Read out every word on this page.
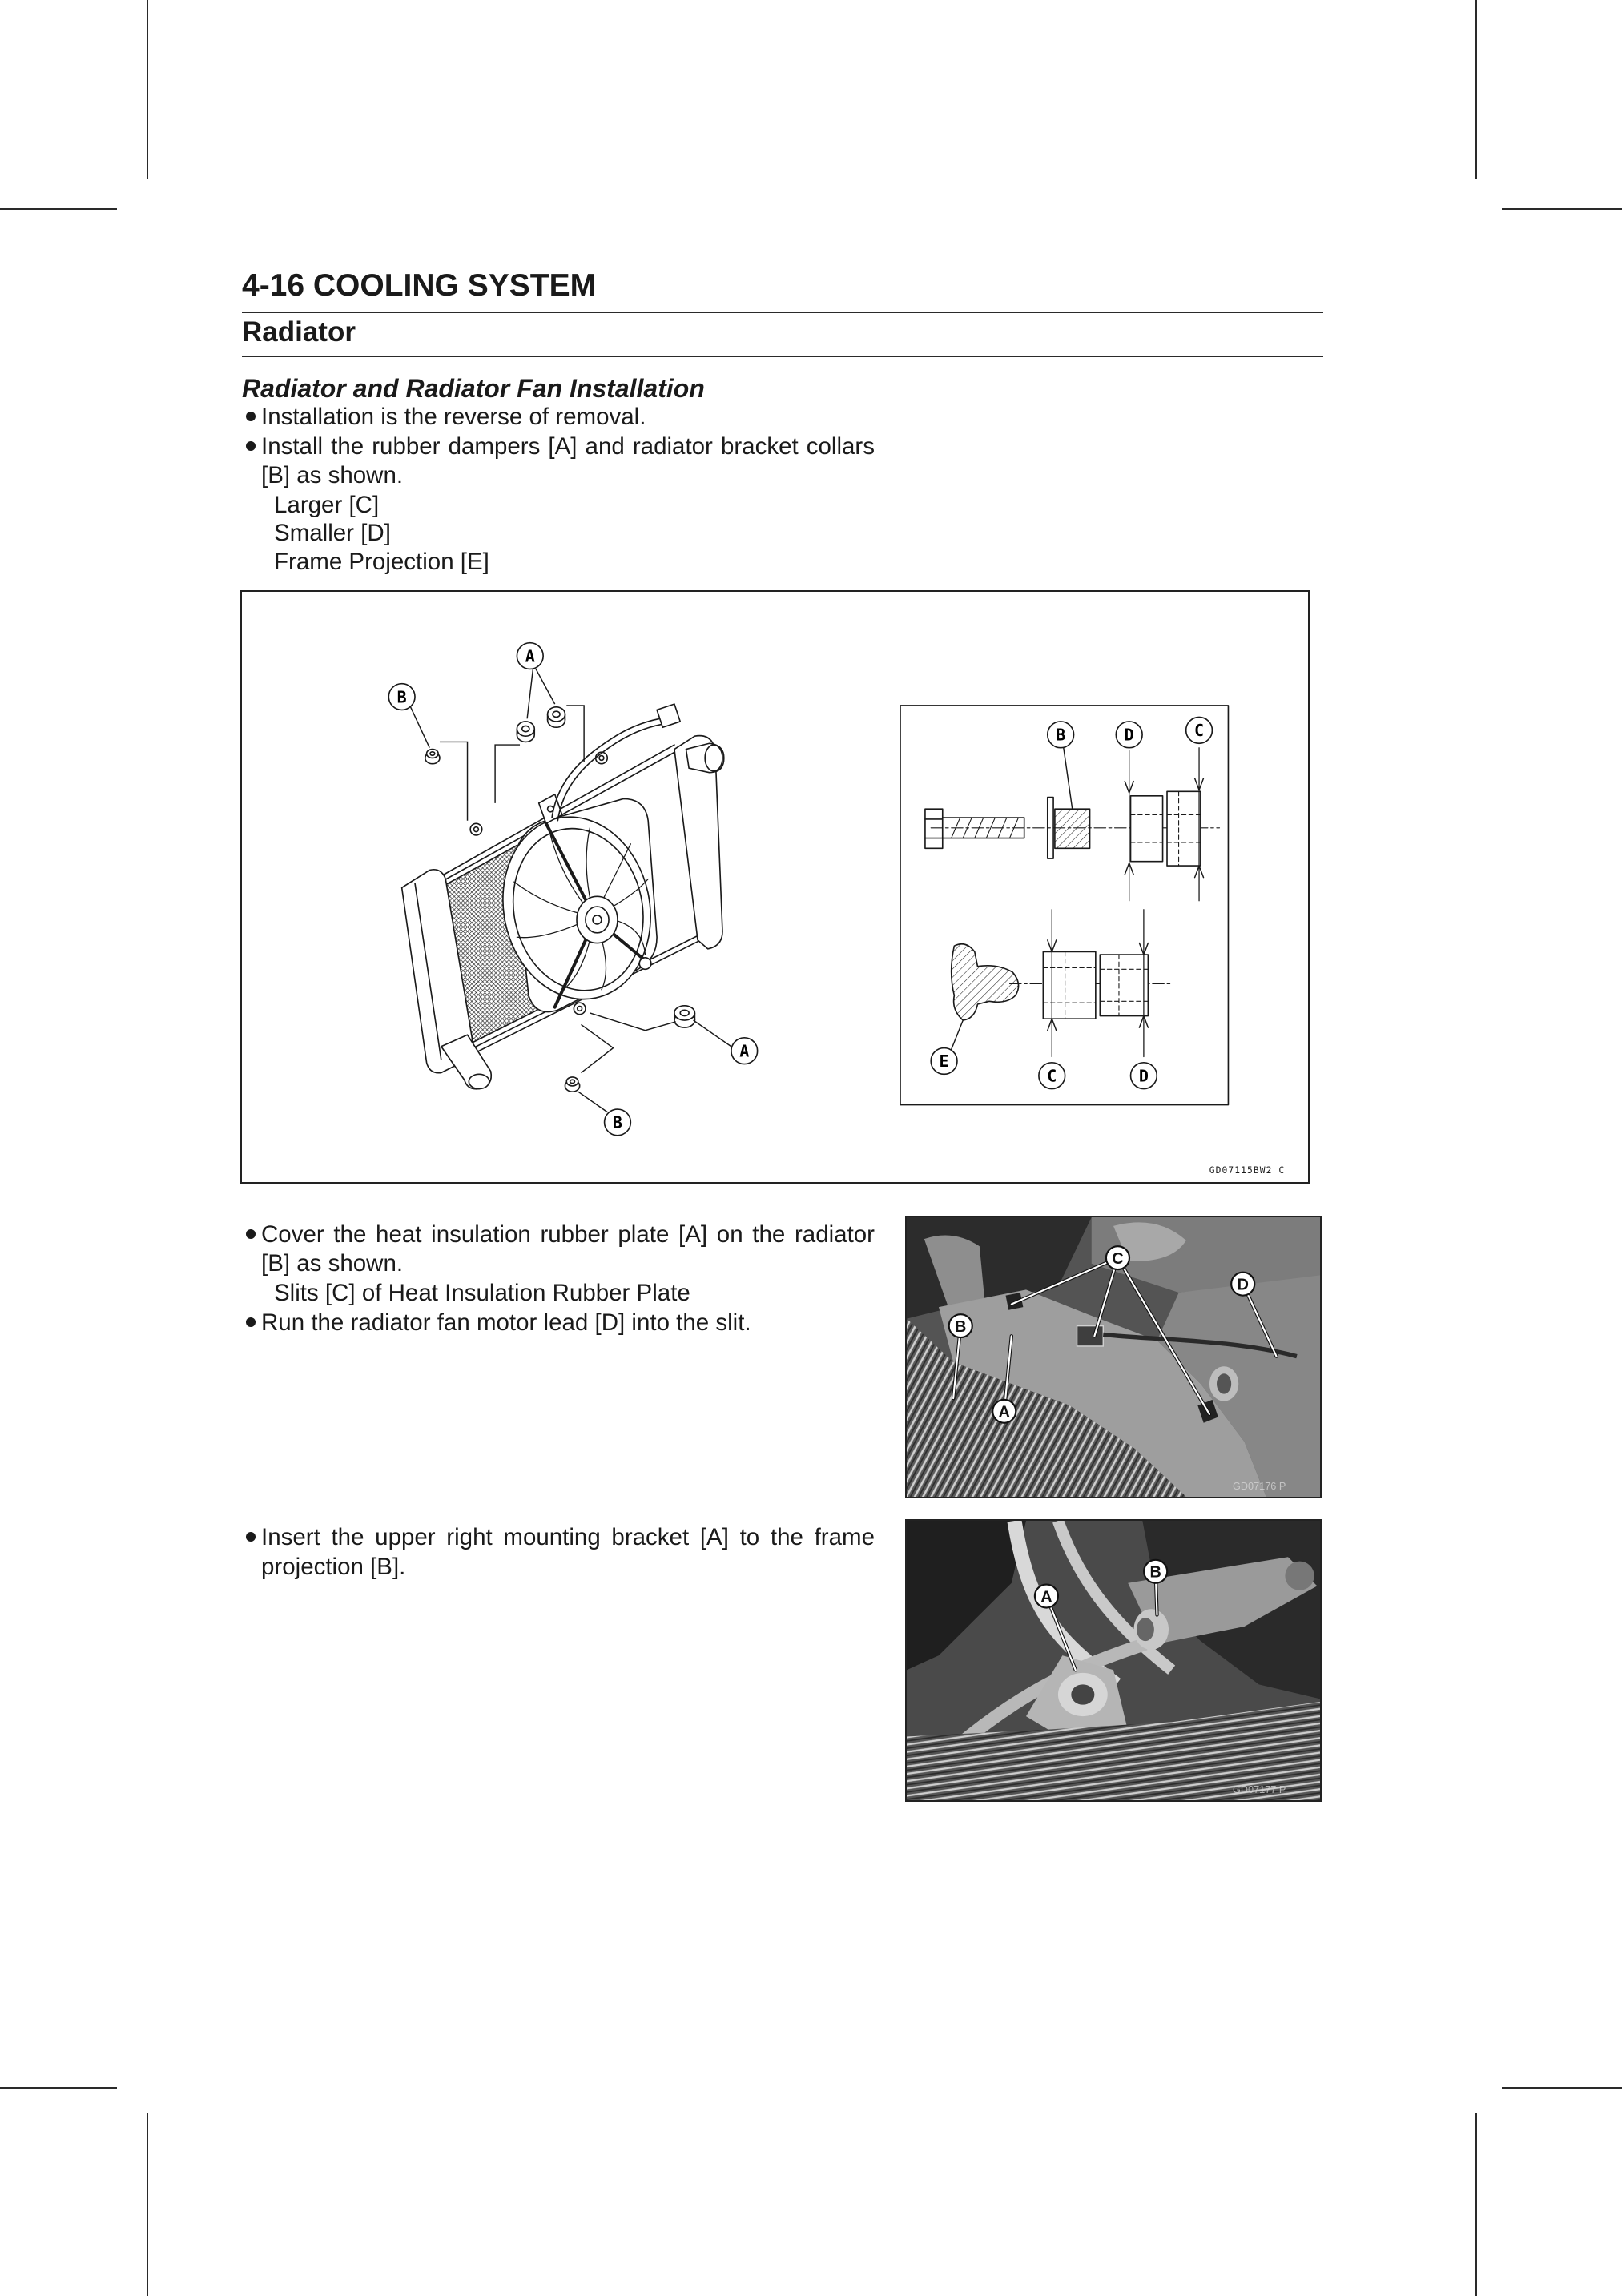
4-16 COOLING SYSTEM
Radiator
Radiator and Radiator Fan Installation
Installation is the reverse of removal.
Install the rubber dampers [A] and radiator bracket collars
[B] as shown.
Larger [C]
Smaller [D]
Frame Projection [E]
A
B
A
B
B	D	C
E
C	D
GD07115BW2 C
Cover the heat insulation rubber plate [A] on the radiator
[B] as shown.
Slits [C] of Heat Insulation Rubber Plate
Run the radiator fan motor lead [D] into the slit.
C
B
A
D
GD07176 P
Insert the upper right mounting bracket [A] to the frame
projection [B].
A
B
GD07177 P
